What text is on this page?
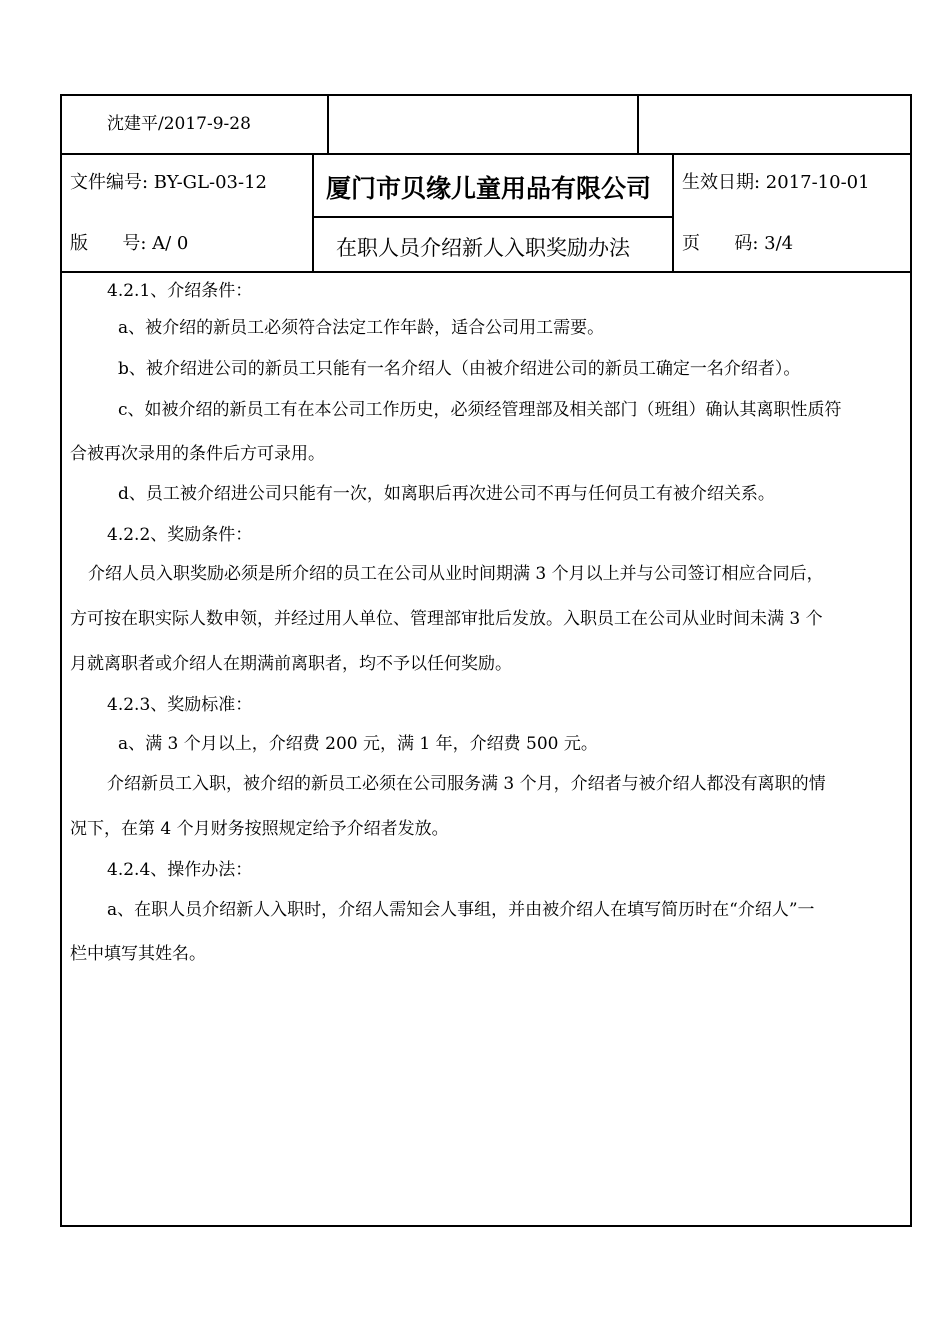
沈建平/2017-9-28
文件编号: BY-GL-03-12
版      号: A/ 0
厦门市贝缘儿童用品有限公司
在职人员介绍新人入职奖励办法
生效日期: 2017-10-01
页      码: 3/4
4.2.1、介绍条件：
a、被介绍的新员工必须符合法定工作年龄，适合公司用工需要。
b、被介绍进公司的新员工只能有一名介绍人（由被介绍进公司的新员工确定一名介绍者）。
c、如被介绍的新员工有在本公司工作历史，必须经管理部及相关部门（班组）确认其离职性质符
合被再次录用的条件后方可录用。
d、员工被介绍进公司只能有一次，如离职后再次进公司不再与任何员工有被介绍关系。
4.2.2、奖励条件：
介绍人员入职奖励必须是所介绍的员工在公司从业时间期满 3 个月以上并与公司签订相应合同后，
方可按在职实际人数申领，并经过用人单位、管理部审批后发放。入职员工在公司从业时间未满 3 个
月就离职者或介绍人在期满前离职者，均不予以任何奖励。
4.2.3、奖励标准：
a、满 3 个月以上，介绍费 200 元，满 1 年，介绍费 500 元。
介绍新员工入职，被介绍的新员工必须在公司服务满 3 个月，介绍者与被介绍人都没有离职的情
况下，在第 4 个月财务按照规定给予介绍者发放。
4.2.4、操作办法：
a、在职人员介绍新人入职时，介绍人需知会人事组，并由被介绍人在填写简历时在“介绍人”一
栏中填写其姓名。
